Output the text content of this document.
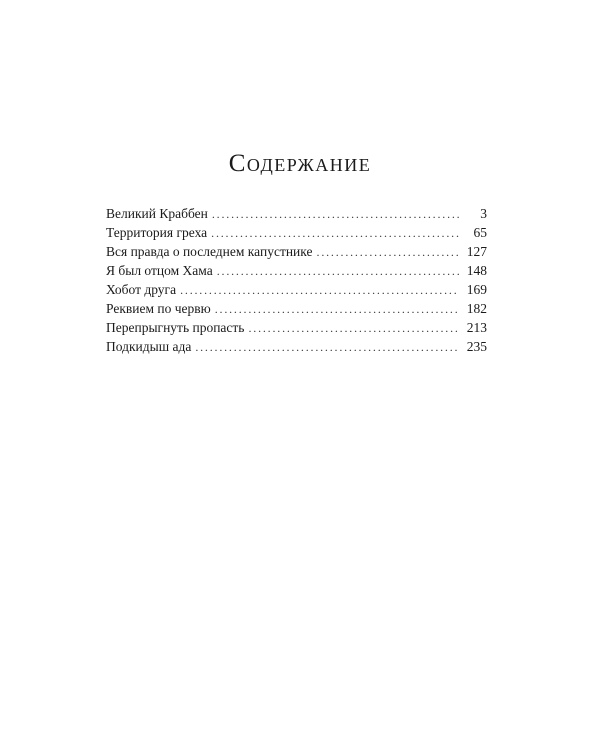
Содержание
Великий Краббен . . .	3
Территория греха . . .	65
Вся правда о последнем капустнике . . .	127
Я был отцом Хама . . .	148
Хобот друга . . .	169
Реквием по червю . . .	182
Перепрыгнуть пропасть . . .	213
Подкидыш ада . . .	235
